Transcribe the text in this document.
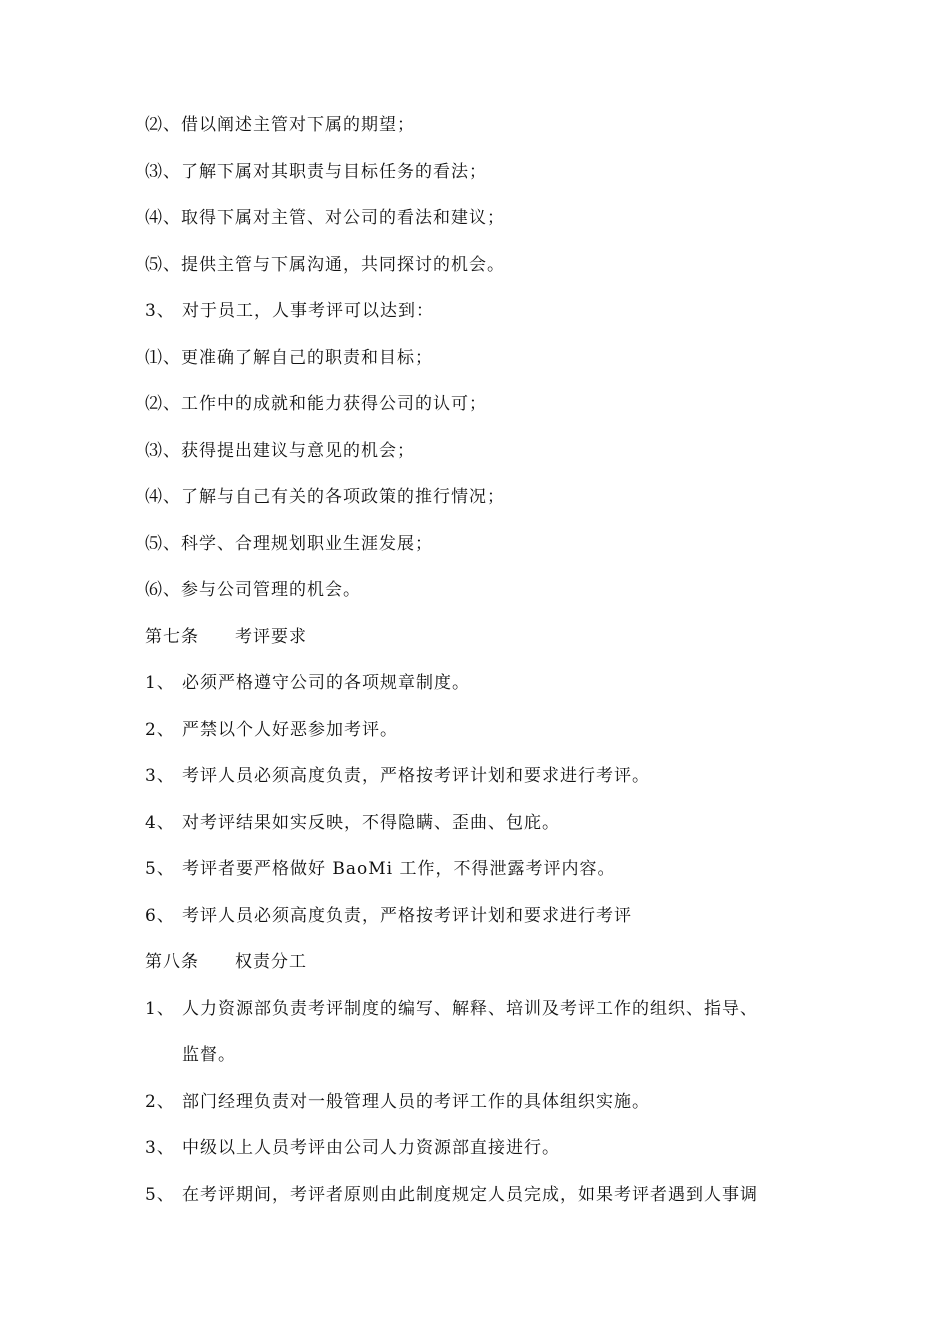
⑵、借以阐述主管对下属的期望；
⑶、了解下属对其职责与目标任务的看法；
⑷、取得下属对主管、对公司的看法和建议；
⑸、提供主管与下属沟通，共同探讨的机会。
3、 对于员工，人事考评可以达到：
⑴、更准确了解自己的职责和目标；
⑵、工作中的成就和能力获得公司的认可；
⑶、获得提出建议与意见的机会；
⑷、了解与自己有关的各项政策的推行情况；
⑸、科学、合理规划职业生涯发展；
⑹、参与公司管理的机会。
第七条 考评要求
1、 必须严格遵守公司的各项规章制度。
2、 严禁以个人好恶参加考评。
3、 考评人员必须高度负责，严格按考评计划和要求进行考评。
4、 对考评结果如实反映，不得隐瞒、歪曲、包庇。
5、 考评者要严格做好 BaoMi 工作，不得泄露考评内容。
6、 考评人员必须高度负责，严格按考评计划和要求进行考评
第八条 权责分工
1、 人力资源部负责考评制度的编写、解释、培训及考评工作的组织、指导、
监督。
2、 部门经理负责对一般管理人员的考评工作的具体组织实施。
3、 中级以上人员考评由公司人力资源部直接进行。
5、 在考评期间，考评者原则由此制度规定人员完成，如果考评者遇到人事调
